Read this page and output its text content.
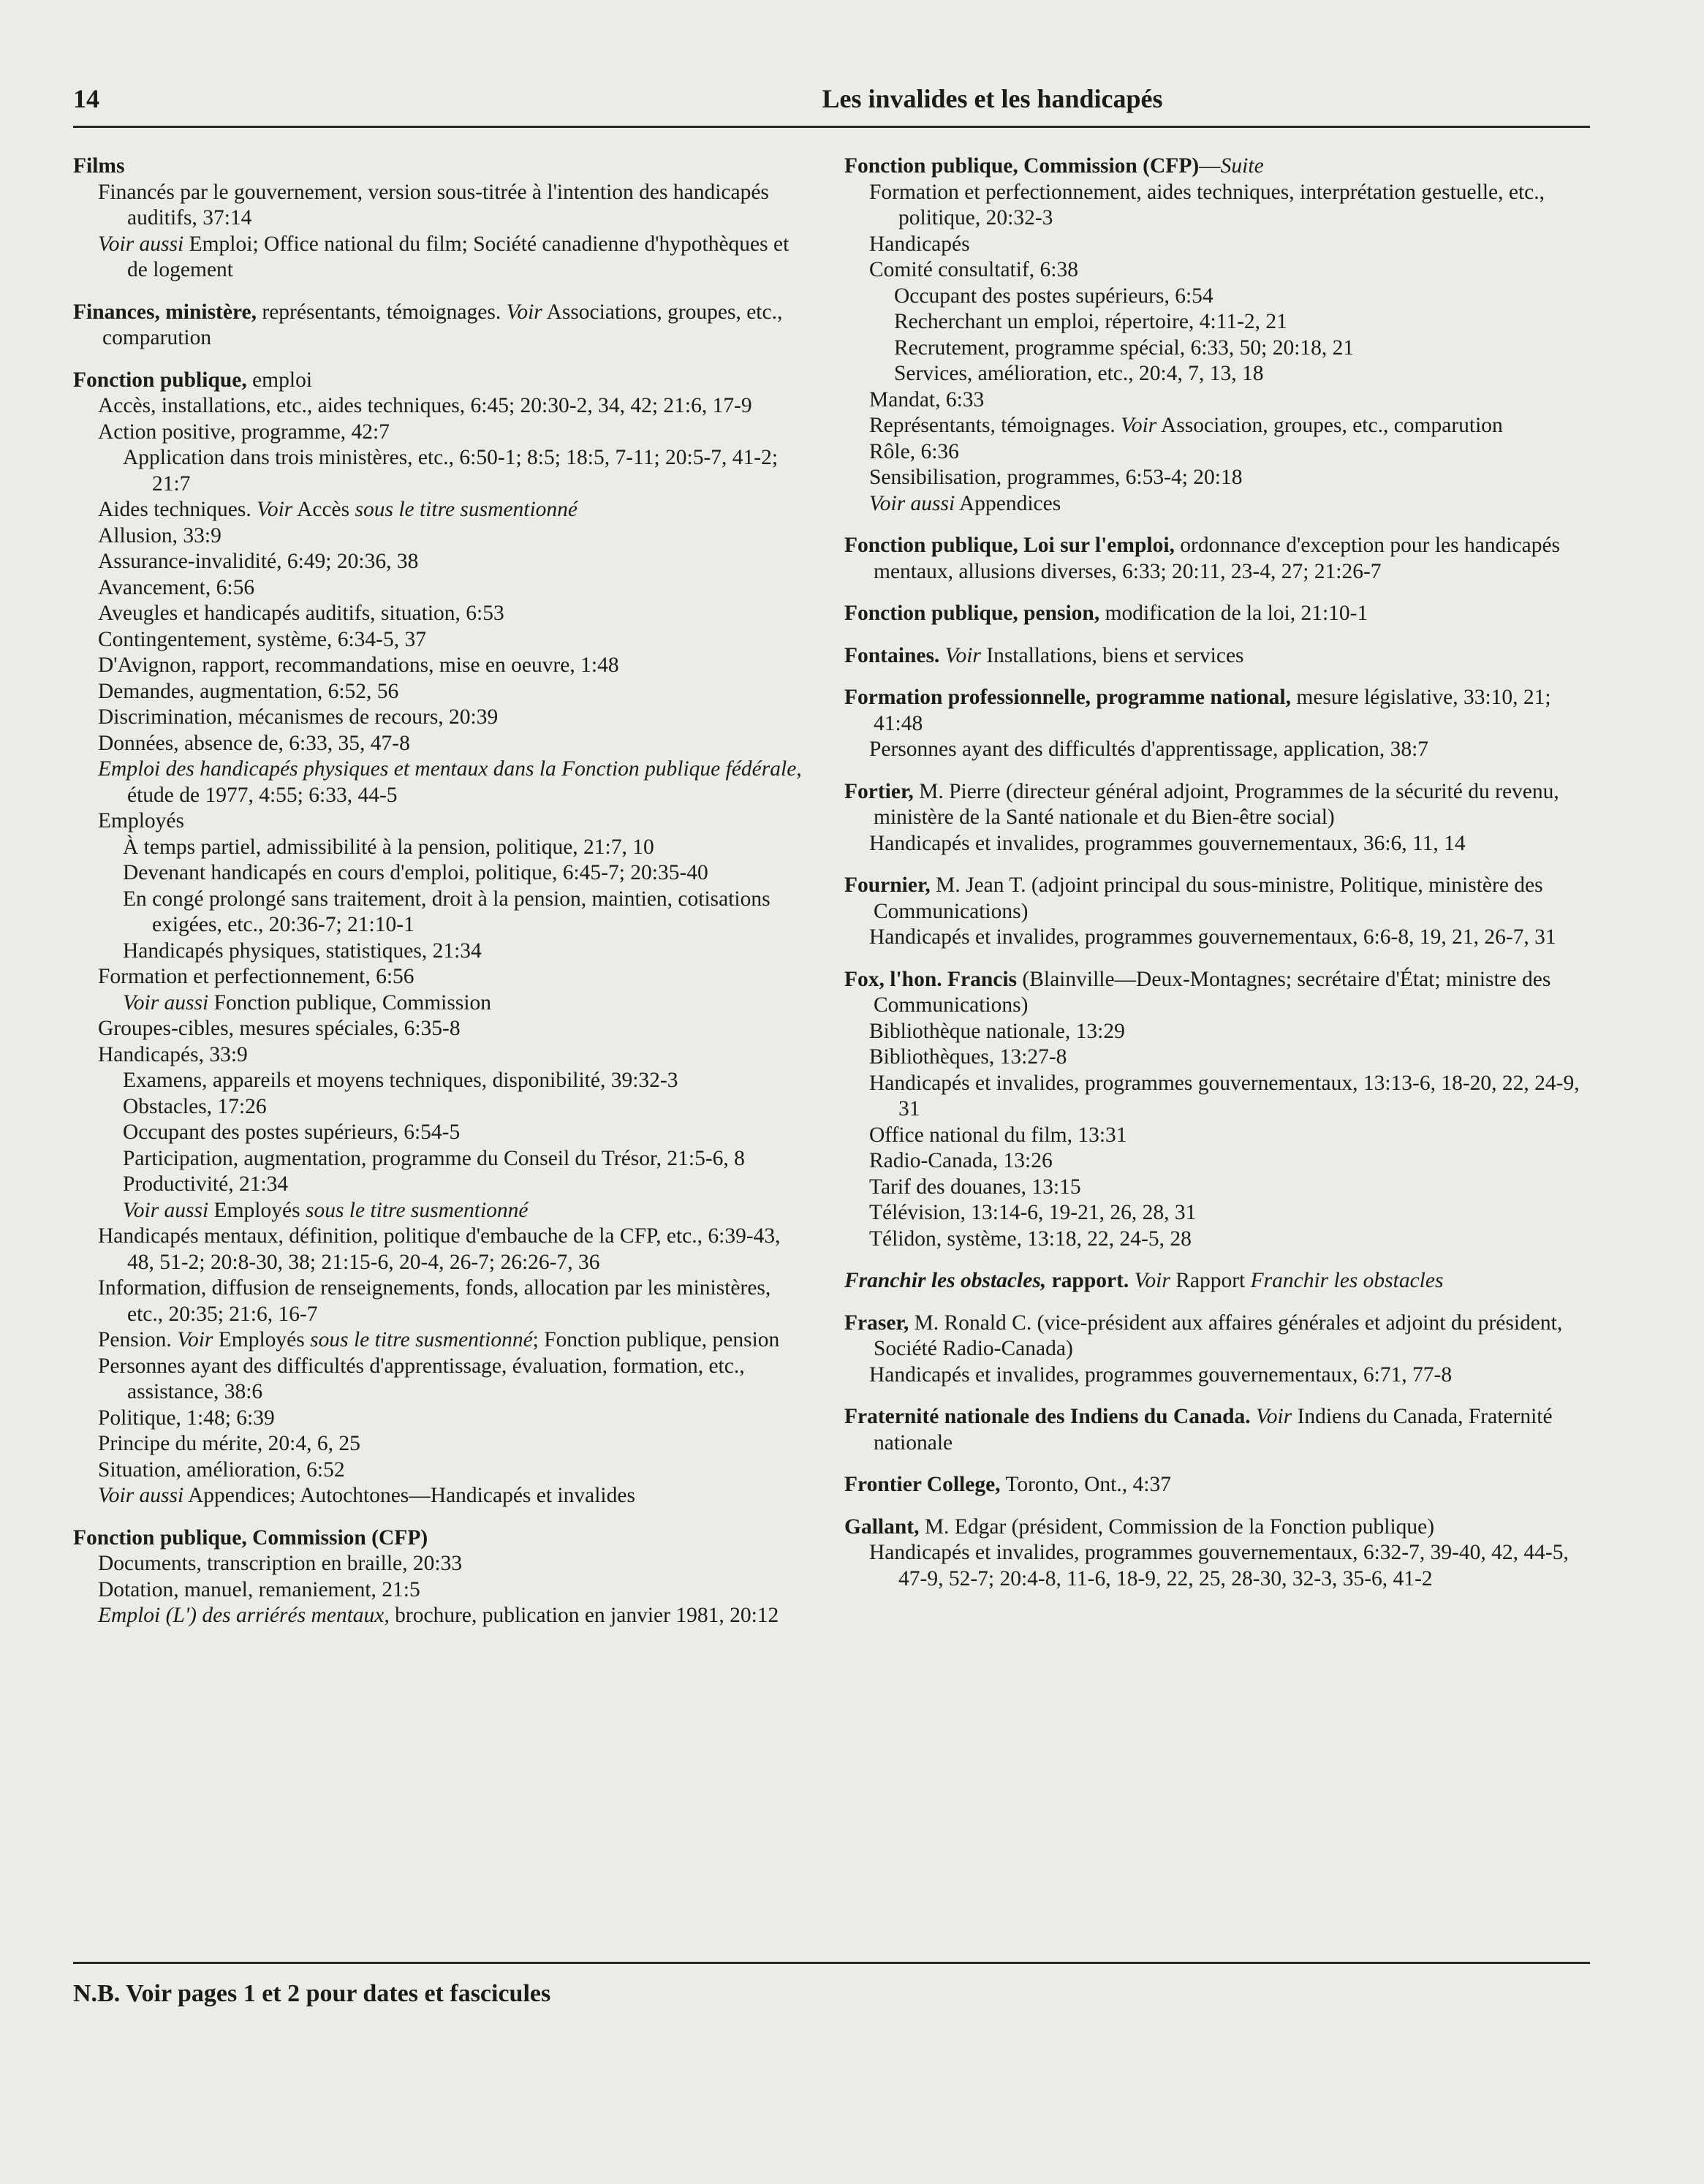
14	Les invalides et les handicapés
Films
Financés par le gouvernement, version sous-titrée à l'intention des handicapés auditifs, 37:14
Voir aussi Emploi; Office national du film; Société canadienne d'hypothèques et de logement
Finances, ministère, représentants, témoignages. Voir Associations, groupes, etc., comparution
Fonction publique, emploi
Accès, installations, etc., aides techniques, 6:45; 20:30-2, 34, 42; 21:6, 17-9
Action positive, programme, 42:7
Application dans trois ministères, etc., 6:50-1; 8:5; 18:5, 7-11; 20:5-7, 41-2; 21:7
Aides techniques. Voir Accès sous le titre susmentionné
Allusion, 33:9
Assurance-invalidité, 6:49; 20:36, 38
Avancement, 6:56
Aveugles et handicapés auditifs, situation, 6:53
Contingentement, système, 6:34-5, 37
D'Avignon, rapport, recommandations, mise en oeuvre, 1:48
Demandes, augmentation, 6:52, 56
Discrimination, mécanismes de recours, 20:39
Données, absence de, 6:33, 35, 47-8
Emploi des handicapés physiques et mentaux dans la Fonction publique fédérale, étude de 1977, 4:55; 6:33, 44-5
Employés
À temps partiel, admissibilité à la pension, politique, 21:7, 10
Devenant handicapés en cours d'emploi, politique, 6:45-7; 20:35-40
En congé prolongé sans traitement, droit à la pension, maintien, cotisations exigées, etc., 20:36-7; 21:10-1
Handicapés physiques, statistiques, 21:34
Formation et perfectionnement, 6:56
Voir aussi Fonction publique, Commission
Groupes-cibles, mesures spéciales, 6:35-8
Handicapés, 33:9
Examens, appareils et moyens techniques, disponibilité, 39:32-3
Obstacles, 17:26
Occupant des postes supérieurs, 6:54-5
Participation, augmentation, programme du Conseil du Trésor, 21:5-6, 8
Productivité, 21:34
Voir aussi Employés sous le titre susmentionné
Handicapés mentaux, définition, politique d'embauche de la CFP, etc., 6:39-43, 48, 51-2; 20:8-30, 38; 21:15-6, 20-4, 26-7; 26:26-7, 36
Information, diffusion de renseignements, fonds, allocation par les ministères, etc., 20:35; 21:6, 16-7
Pension. Voir Employés sous le titre susmentionné; Fonction publique, pension
Personnes ayant des difficultés d'apprentissage, évaluation, formation, etc., assistance, 38:6
Politique, 1:48; 6:39
Principe du mérite, 20:4, 6, 25
Situation, amélioration, 6:52
Voir aussi Appendices; Autochtones—Handicapés et invalides
Fonction publique, Commission (CFP)
Documents, transcription en braille, 20:33
Dotation, manuel, remaniement, 21:5
Emploi (L') des arriérés mentaux, brochure, publication en janvier 1981, 20:12
Fonction publique, Commission (CFP)—Suite
Formation et perfectionnement, aides techniques, interprétation gestuelle, etc., politique, 20:32-3
Handicapés
Comité consultatif, 6:38
Occupant des postes supérieurs, 6:54
Recherchant un emploi, répertoire, 4:11-2, 21
Recrutement, programme spécial, 6:33, 50; 20:18, 21
Services, amélioration, etc., 20:4, 7, 13, 18
Mandat, 6:33
Représentants, témoignages. Voir Association, groupes, etc., comparution
Rôle, 6:36
Sensibilisation, programmes, 6:53-4; 20:18
Voir aussi Appendices
Fonction publique, Loi sur l'emploi, ordonnance d'exception pour les handicapés mentaux, allusions diverses, 6:33; 20:11, 23-4, 27; 21:26-7
Fonction publique, pension, modification de la loi, 21:10-1
Fontaines. Voir Installations, biens et services
Formation professionnelle, programme national, mesure législative, 33:10, 21; 41:48
Personnes ayant des difficultés d'apprentissage, application, 38:7
Fortier, M. Pierre (directeur général adjoint, Programmes de la sécurité du revenu, ministère de la Santé nationale et du Bien-être social)
Handicapés et invalides, programmes gouvernementaux, 36:6, 11, 14
Fournier, M. Jean T. (adjoint principal du sous-ministre, Politique, ministère des Communications)
Handicapés et invalides, programmes gouvernementaux, 6:6-8, 19, 21, 26-7, 31
Fox, l'hon. Francis (Blainville—Deux-Montagnes; secrétaire d'État; ministre des Communications)
Bibliothèque nationale, 13:29
Bibliothèques, 13:27-8
Handicapés et invalides, programmes gouvernementaux, 13:13-6, 18-20, 22, 24-9, 31
Office national du film, 13:31
Radio-Canada, 13:26
Tarif des douanes, 13:15
Télévision, 13:14-6, 19-21, 26, 28, 31
Télidon, système, 13:18, 22, 24-5, 28
Franchir les obstacles, rapport. Voir Rapport Franchir les obstacles
Fraser, M. Ronald C. (vice-président aux affaires générales et adjoint du président, Société Radio-Canada)
Handicapés et invalides, programmes gouvernementaux, 6:71, 77-8
Fraternité nationale des Indiens du Canada. Voir Indiens du Canada, Fraternité nationale
Frontier College, Toronto, Ont., 4:37
Gallant, M. Edgar (président, Commission de la Fonction publique)
Handicapés et invalides, programmes gouvernementaux, 6:32-7, 39-40, 42, 44-5, 47-9, 52-7; 20:4-8, 11-6, 18-9, 22, 25, 28-30, 32-3, 35-6, 41-2
N.B. Voir pages 1 et 2 pour dates et fascicules
